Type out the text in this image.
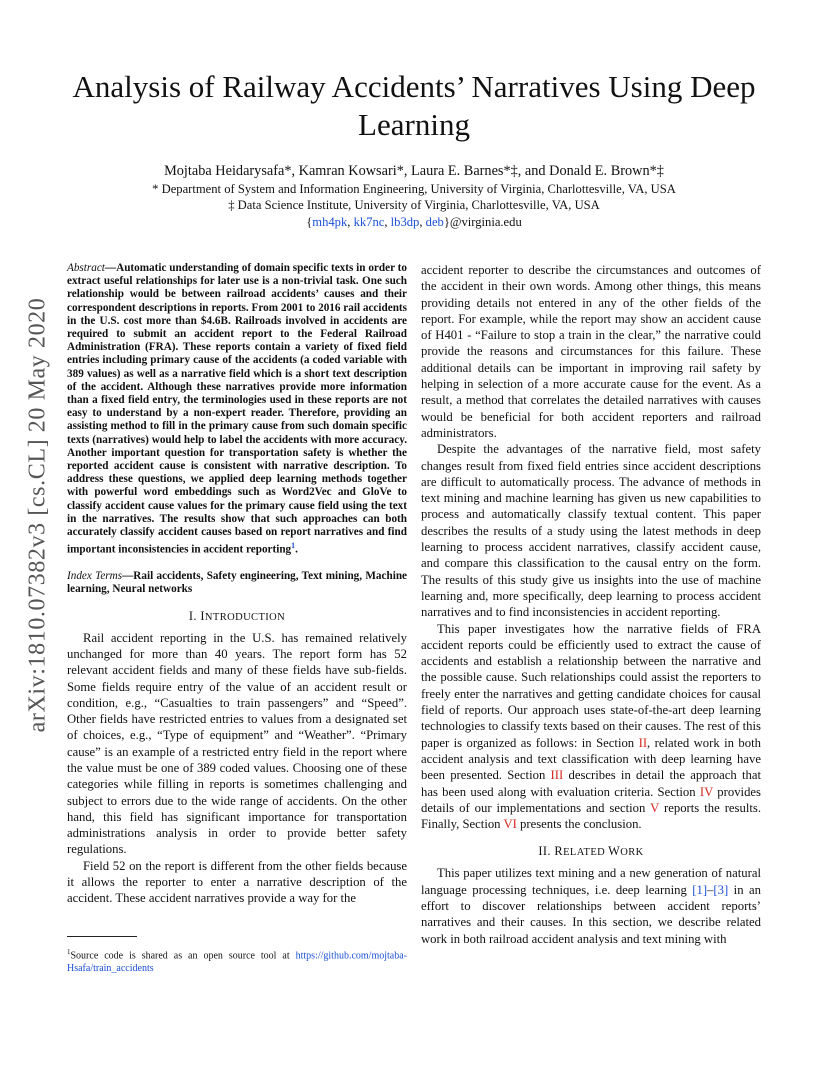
Analysis of Railway Accidents’ Narratives Using Deep Learning
Mojtaba Heidarysafa*, Kamran Kowsari*, Laura E. Barnes*‡, and Donald E. Brown*‡
* Department of System and Information Engineering, University of Virginia, Charlottesville, VA, USA
‡ Data Science Institute, University of Virginia, Charlottesville, VA, USA
{mh4pk, kk7nc, lb3dp, deb}@virginia.edu
arXiv:1810.07382v3 [cs.CL] 20 May 2020

Abstract—Automatic understanding of domain specific texts in order to extract useful relationships for later use is a non-trivial task. One such relationship would be between railroad accidents’ causes and their correspondent descriptions in reports. From 2001 to 2016 rail accidents in the U.S. cost more than $4.6B. Railroads involved in accidents are required to submit an accident report to the Federal Railroad Administration (FRA). These reports contain a variety of fixed field entries including primary cause of the accidents (a coded variable with 389 values) as well as a narrative field which is a short text description of the accident. Although these narratives provide more information than a fixed field entry, the terminologies used in these reports are not easy to understand by a non-expert reader. Therefore, providing an assisting method to fill in the primary cause from such domain specific texts (narratives) would help to label the accidents with more accuracy. Another important question for transportation safety is whether the reported accident cause is consistent with narrative description. To address these questions, we applied deep learning methods together with powerful word embeddings such as Word2Vec and GloVe to classify accident cause values for the primary cause field using the text in the narratives. The results show that such approaches can both accurately classify accident causes based on report narratives and find important inconsistencies in accident reporting$^1$.

Index Terms—Rail accidents, Safety engineering, Text mining, Machine learning, Neural networks

I. INTRODUCTION

Rail accident reporting in the U.S. has remained relatively unchanged for more than 40 years. The report form has 52 relevant accident fields and many of these fields have sub-fields. Some fields require entry of the value of an accident result or condition, e.g., “Casualties to train passengers” and “Speed”. Other fields have restricted entries to values from a designated set of choices, e.g., “Type of equipment” and “Weather”. “Primary cause” is an example of a restricted entry field in the report where the value must be one of 389 coded values. Choosing one of these categories while filling in reports is sometimes challenging and subject to errors due to the wide range of accidents. On the other hand, this field has significant importance for transportation administrations analysis in order to provide better safety regulations.

Field 52 on the report is different from the other fields because it allows the reporter to enter a narrative description of the accident. These accident narratives provide a way for the

$^1$Source code is shared as an open source tool at https://github.com/mojtaba-Hsafa/train_accidents

accident reporter to describe the circumstances and outcomes of the accident in their own words. Among other things, this means providing details not entered in any of the other fields of the report. For example, while the report may show an accident cause of H401 - “Failure to stop a train in the clear,” the narrative could provide the reasons and circumstances for this failure. These additional details can be important in improving rail safety by helping in selection of a more accurate cause for the event. As a result, a method that correlates the detailed narratives with causes would be beneficial for both accident reporters and railroad administrators.

Despite the advantages of the narrative field, most safety changes result from fixed field entries since accident descriptions are difficult to automatically process. The advance of methods in text mining and machine learning has given us new capabilities to process and automatically classify textual content. This paper describes the results of a study using the latest methods in deep learning to process accident narratives, classify accident cause, and compare this classification to the causal entry on the form. The results of this study give us insights into the use of machine learning and, more specifically, deep learning to process accident narratives and to find inconsistencies in accident reporting.

This paper investigates how the narrative fields of FRA accident reports could be efficiently used to extract the cause of accidents and establish a relationship between the narrative and the possible cause. Such relationships could assist the reporters to freely enter the narratives and getting candidate choices for causal field of reports. Our approach uses state-of-the-art deep learning technologies to classify texts based on their causes. The rest of this paper is organized as follows: in Section II, related work in both accident analysis and text classification with deep learning have been presented. Section III describes in detail the approach that has been used along with evaluation criteria. Section IV provides details of our implementations and section V reports the results. Finally, Section VI presents the conclusion.

II. RELATED WORK

This paper utilizes text mining and a new generation of natural language processing techniques, i.e. deep learning [1]–[3] in an effort to discover relationships between accident reports’ narratives and their causes. In this section, we describe related work in both railroad accident analysis and text mining with
